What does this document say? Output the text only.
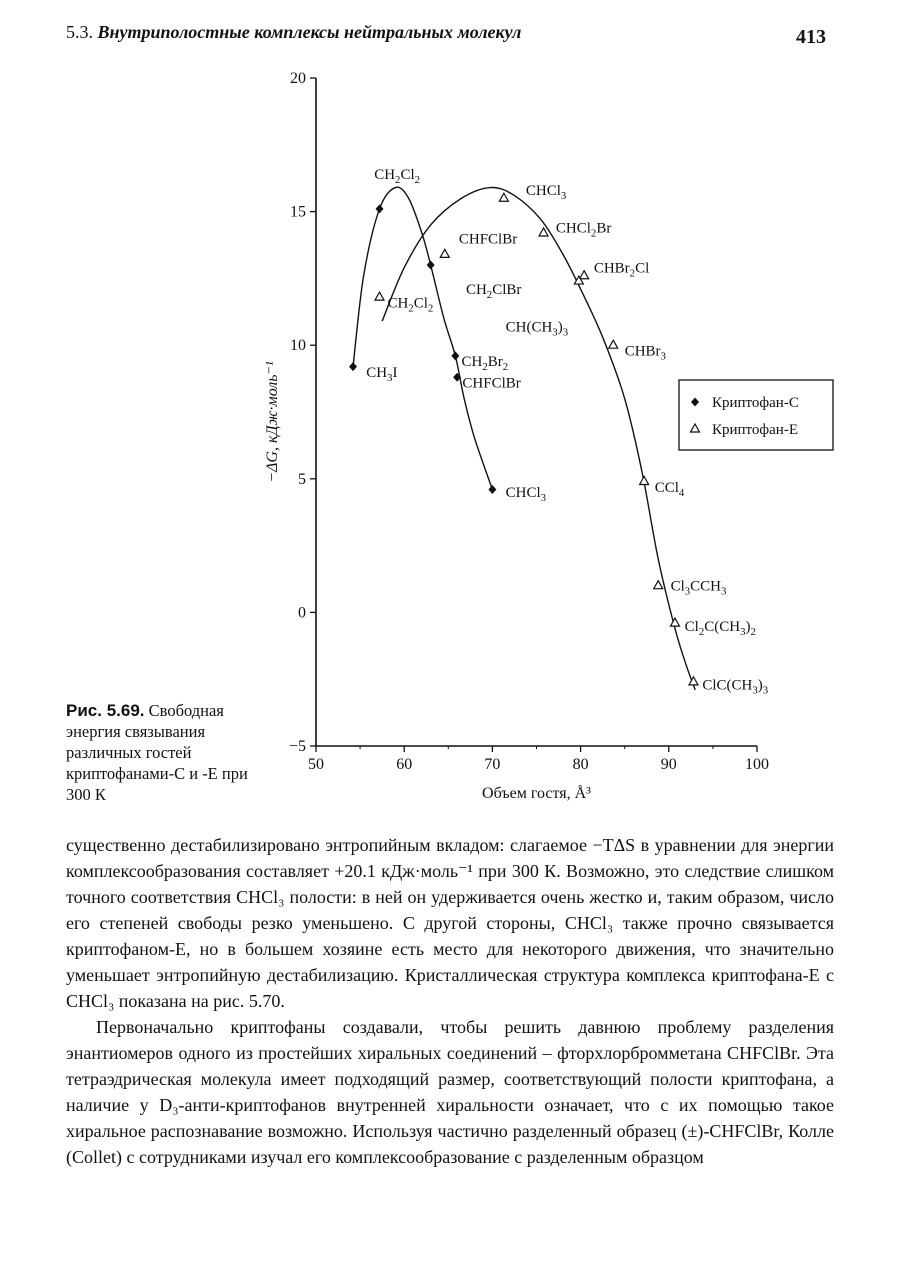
5.3. Внутриполостные комплексы нейтральных молекул	413
50	60	70	80	90	100
−5
0
5
10
15
20
Объем гостя, Å³
−ΔG, кДж·моль⁻¹
$CH_2Cl_2$
$CH_3I$
$CH_2Cl_2$
$CH_2Br_2$
CHFClBr
CHCl$_3$
CHFClBr
$CH_2ClBr$
$CH(CH_3)_3$
CHCl$_3$
CHCl$_2$Br
CHBr$_2$Cl
CHBr$_3$
CCl$_4$
$Cl_3CCH_3$
$Cl_2C(CH_3)_2$
$ClC(CH_3)_3$
Криптофан-С
Криптофан-Е
Рис. 5.69. Свободная энергия связывания различных гостей криптофанами-С и -Е при 300 К

существенно дестабилизировано энтропийным вкладом: слагаемое −TΔS в уравнении для энергии комплексообразования составляет +20.1 кДж·моль⁻¹ при 300 К. Возможно, это следствие слишком точного соответствия CHCl₃ полости: в ней он удерживается очень жестко и, таким образом, число его степеней свободы резко уменьшено. С другой стороны, CHCl₃ также прочно связывается криптофаном-Е, но в большем хозяине есть место для некоторого движения, что значительно уменьшает энтропийную дестабилизацию. Кристаллическая структура комплекса криптофана-Е с CHCl₃ показана на рис. 5.70.

Первоначально криптофаны создавали, чтобы решить давнюю проблему разделения энантиомеров одного из простейших хиральных соединений – фторхлорбромметана CHFClBr. Эта тетраэдрическая молекула имеет подходящий размер, соответствующий полости криптофана, а наличие у D₃-анти-криптофанов внутренней хиральности означает, что с их помощью такое хиральное распознавание возможно. Используя частично разделенный образец (±)-CHFClBr, Колле (Collet) с сотрудниками изучал его комплексообразование с разделенным образцом
